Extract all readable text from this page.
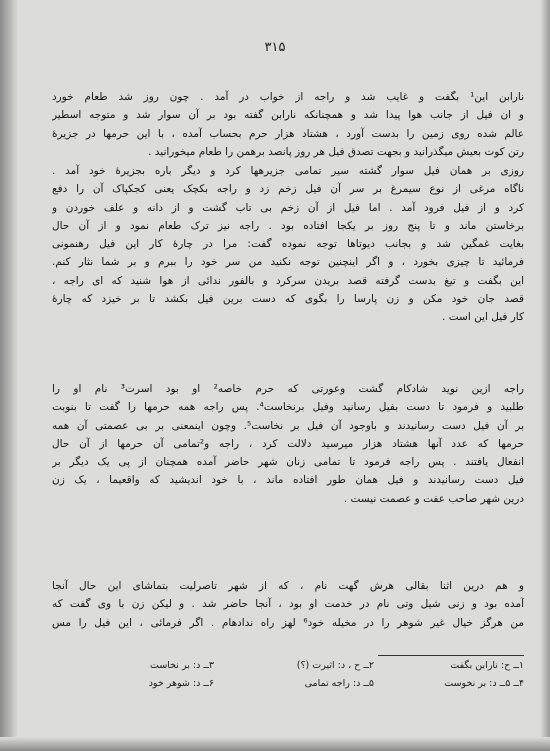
۳۱۵
نارابن این¹ بگفت و غایب شد و راجه از خواب در آمد . چون روز شد طعام خورد
و ان فیل از جانب هوا پیدا شد و همچنانکه نارابن گفته بود بر آن سوار شد و متوجه اسطیر
عالم شده روی زمین را بدست آورد ، هشتاد هزار حرم بحساب آمده ، با این حرمها در جزیرهٔ
رتن کوت بعیش میگذرانید و بجهت تصدق فیل هر روز پانصد برهمن را طعام میخورانید .
روزی بر همان فیل سوار گشته سیر تمامی جزیرهها کرد و دیگر باره بجزیرهٔ خود آمد .
ناگاه مرغی از نوع سیمرغ بر سر آن فیل زخم زد و راجه بکچک یعنی کجکپاک آن را دفع
کرد و از فیل فرود آمد . اما فیل از آن زخم بی تاب گشت و از دانه و علف خوردن و
برخاستن ماند و تا پنج روز بر یکجا افتاده بود . راجه نیز ترک طعام نمود و از آن حال
بغایت غمگین شد و بجانب دیوتاها توجه نموده گفت: مرا در چارهٔ کار این فیل رهنمونی
فرمائید تا چیزی بخورد ، و اگر اینچنین توجه نکنید من سر خود را ببرم و بر شما نثار کنم.
این بگفت و تیغ بدست گرفته قصد بریدن سرکرد و بالفور ندائی از هوا شنید که ای راجه ،
قصد جان خود مکن و زن پارسا را بگوی که دست برین فیل بکشد تا بر خیزد که چارهٔ
کار فیل این است .
راجه ازین نوید شادکام گشت وعورتی که حرم خاصه² او بود اسرت³ نام او را
طلبید و فرمود تا دست بفیل رسانید وفیل برنخاست⁴. پس راجه همه حرمها را گفت تا بنوبت
بر آن فیل دست رسانیدند و باوجود آن فیل بر نخاست⁵. وچون اینمعنی بر بی عصمتی آن همه
حرمها که عدد آنها هشتاد هزار میرسید دلالت کرد ، راجه و²تمامی آن حرمها از آن حال
انفعال یافتند . پس راجه فرمود تا تمامی زنان شهر حاضر آمده همچنان از پی یک دیگر بر
فیل دست رسانیدند و فیل همان طور افتاده ماند ، با خود اندیشید که واقعیما ، یک زن
درین شهر صاحب عفت و عصمت نیست .
و هم درین اثنا بقالی هرش گهت نام ، که از شهر تاصرلیت بتماشای این حال آنجا
آمده بود و زنی شیل وتی نام در خدمت او بود ، آنجا حاضر شد . و لیکن زن با وی گفت که
من هرگز خیال غیر شوهر را در مخیله خود⁶ لهز راه ندادهام . اگر فرمائی ، این فیل را مس
۱ــ ح: نارابن بگفت
۲ــ ح ، د: اثیرت (؟)
۳ــ د: بر نخاست
۴ــ ۵ــ د: بر نخوست
۵ــ د: راجه تمامی
۶ــ د: شوهر خود
